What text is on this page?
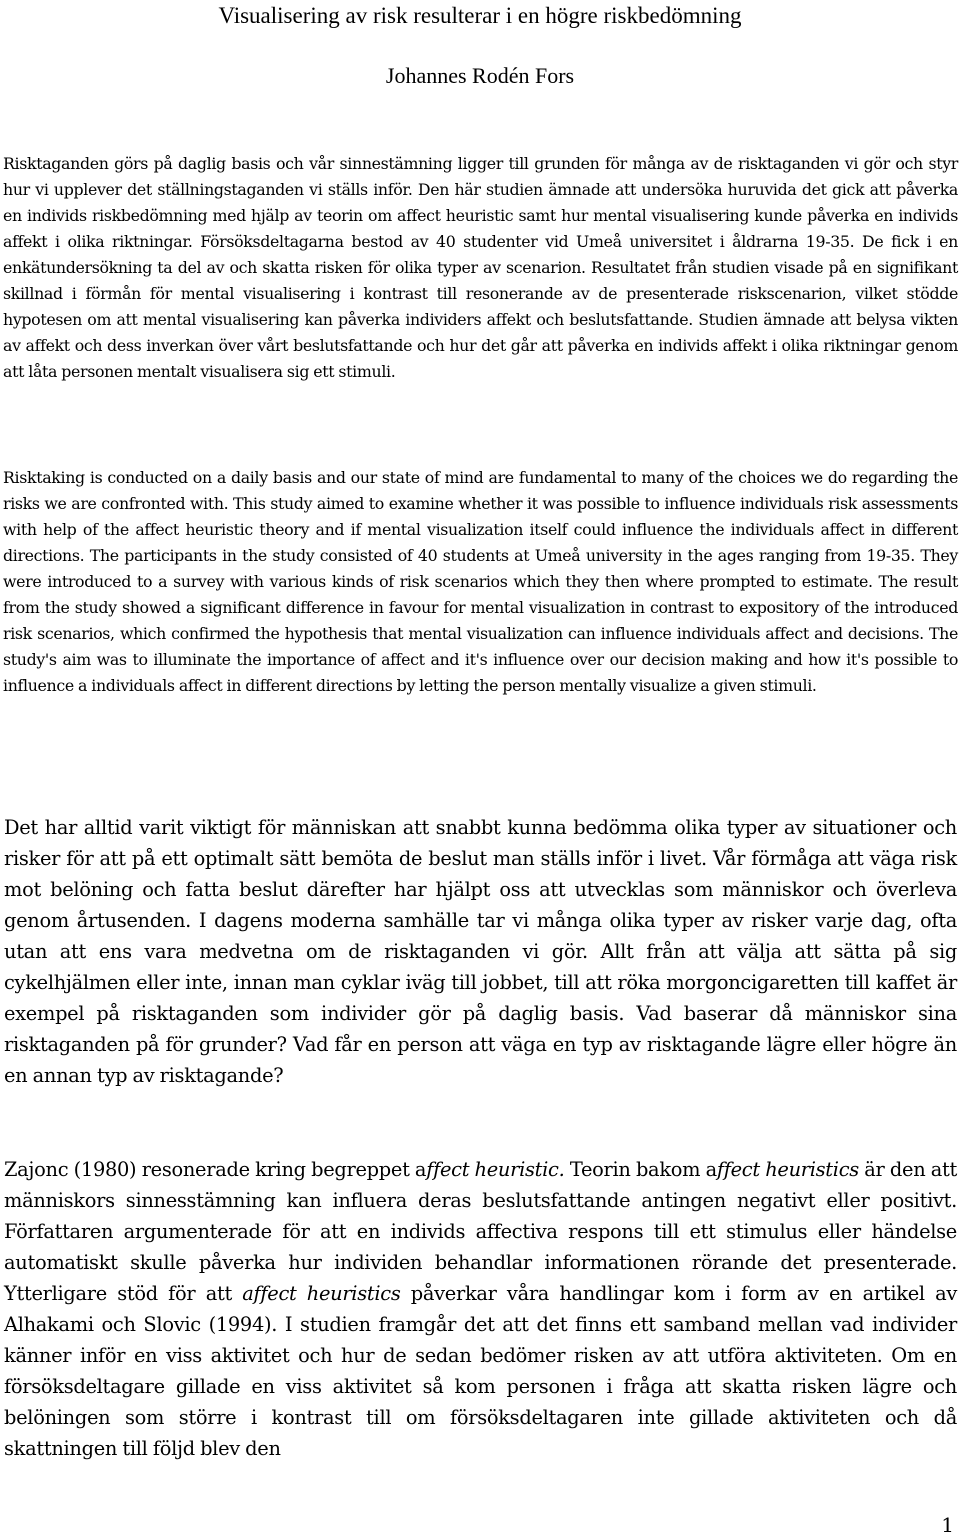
Visualisering av risk resulterar i en högre riskbedömning

Johannes Rodén Fors

Risktaganden görs på daglig basis och vår sinnestämning ligger till grunden för många av de risktaganden vi gör och styr hur vi upplever det ställningstaganden vi ställs inför. Den här studien ämnade att undersöka huruvida det gick att påverka en individs riskbedömning med hjälp av teorin om affect heuristic samt hur mental visualisering kunde påverka en individs affekt i olika riktningar. Försöksdeltagarna bestod av 40 studenter vid Umeå universitet i åldrarna 19-35. De fick i en enkätundersökning ta del av och skatta risken för olika typer av scenarion. Resultatet från studien visade på en signifikant skillnad i förmån för mental visualisering i kontrast till resonerande av de presenterade riskscenarion, vilket stödde hypotesen om att mental visualisering kan påverka individers affekt och beslutsfattande. Studien ämnade att belysa vikten av affekt och dess inverkan över vårt beslutsfattande och hur det går att påverka en individs affekt i olika riktningar genom att låta personen mentalt visualisera sig ett stimuli.

Risktaking is conducted on a daily basis and our state of mind are fundamental to many of the choices we do regarding the risks we are confronted with. This study aimed to examine whether it was possible to influence individuals risk assessments with help of the affect heuristic theory and if mental visualization itself could influence the individuals affect in different directions. The participants in the study consisted of 40 students at Umeå university in the ages ranging from 19-35. They were introduced to a survey with various kinds of risk scenarios which they then where prompted to estimate. The result from the study showed a significant difference in favour for mental visualization in contrast to expository of the introduced risk scenarios, which confirmed the hypothesis that mental visualization can influence individuals affect and decisions. The study's aim was to illuminate the importance of affect and it's influence over our decision making and how it's possible to influence a individuals affect in different directions by letting the person mentally visualize a given stimuli.

Det har alltid varit viktigt för människan att snabbt kunna bedömma olika typer av situationer och risker för att på ett optimalt sätt bemöta de beslut man ställs inför i livet. Vår förmåga att väga risk mot belöning och fatta beslut därefter har hjälpt oss att utvecklas som människor och överleva genom årtusenden. I dagens moderna samhälle tar vi många olika typer av risker varje dag, ofta utan att ens vara medvetna om de risktaganden vi gör. Allt från att välja att sätta på sig cykelhjälmen eller inte, innan man cyklar iväg till jobbet, till att röka morgoncigaretten till kaffet är exempel på risktaganden som individer gör på daglig basis. Vad baserar då människor sina risktaganden på för grunder? Vad får en person att väga en typ av risktagande lägre eller högre än en annan typ av risktagande?

Zajonc (1980) resonerade kring begreppet affect heuristic. Teorin bakom affect heuristics är den att människors sinnesstämning kan influera deras beslutsfattande antingen negativt eller positivt. Författaren argumenterade för att en individs affectiva respons till ett stimulus eller händelse automatiskt skulle påverka hur individen behandlar informationen rörande det presenterade. Ytterligare stöd för att affect heuristics påverkar våra handlingar kom i form av en artikel av Alhakami och Slovic (1994). I studien framgår det att det finns ett samband mellan vad individer känner inför en viss aktivitet och hur de sedan bedömer risken av att utföra aktiviteten. Om en försöksdeltagare gillade en viss aktivitet så kom personen i fråga att skatta risken lägre och belöningen som större i kontrast till om försöksdeltagaren inte gillade aktiviteten och då skattningen till följd blev den

1
